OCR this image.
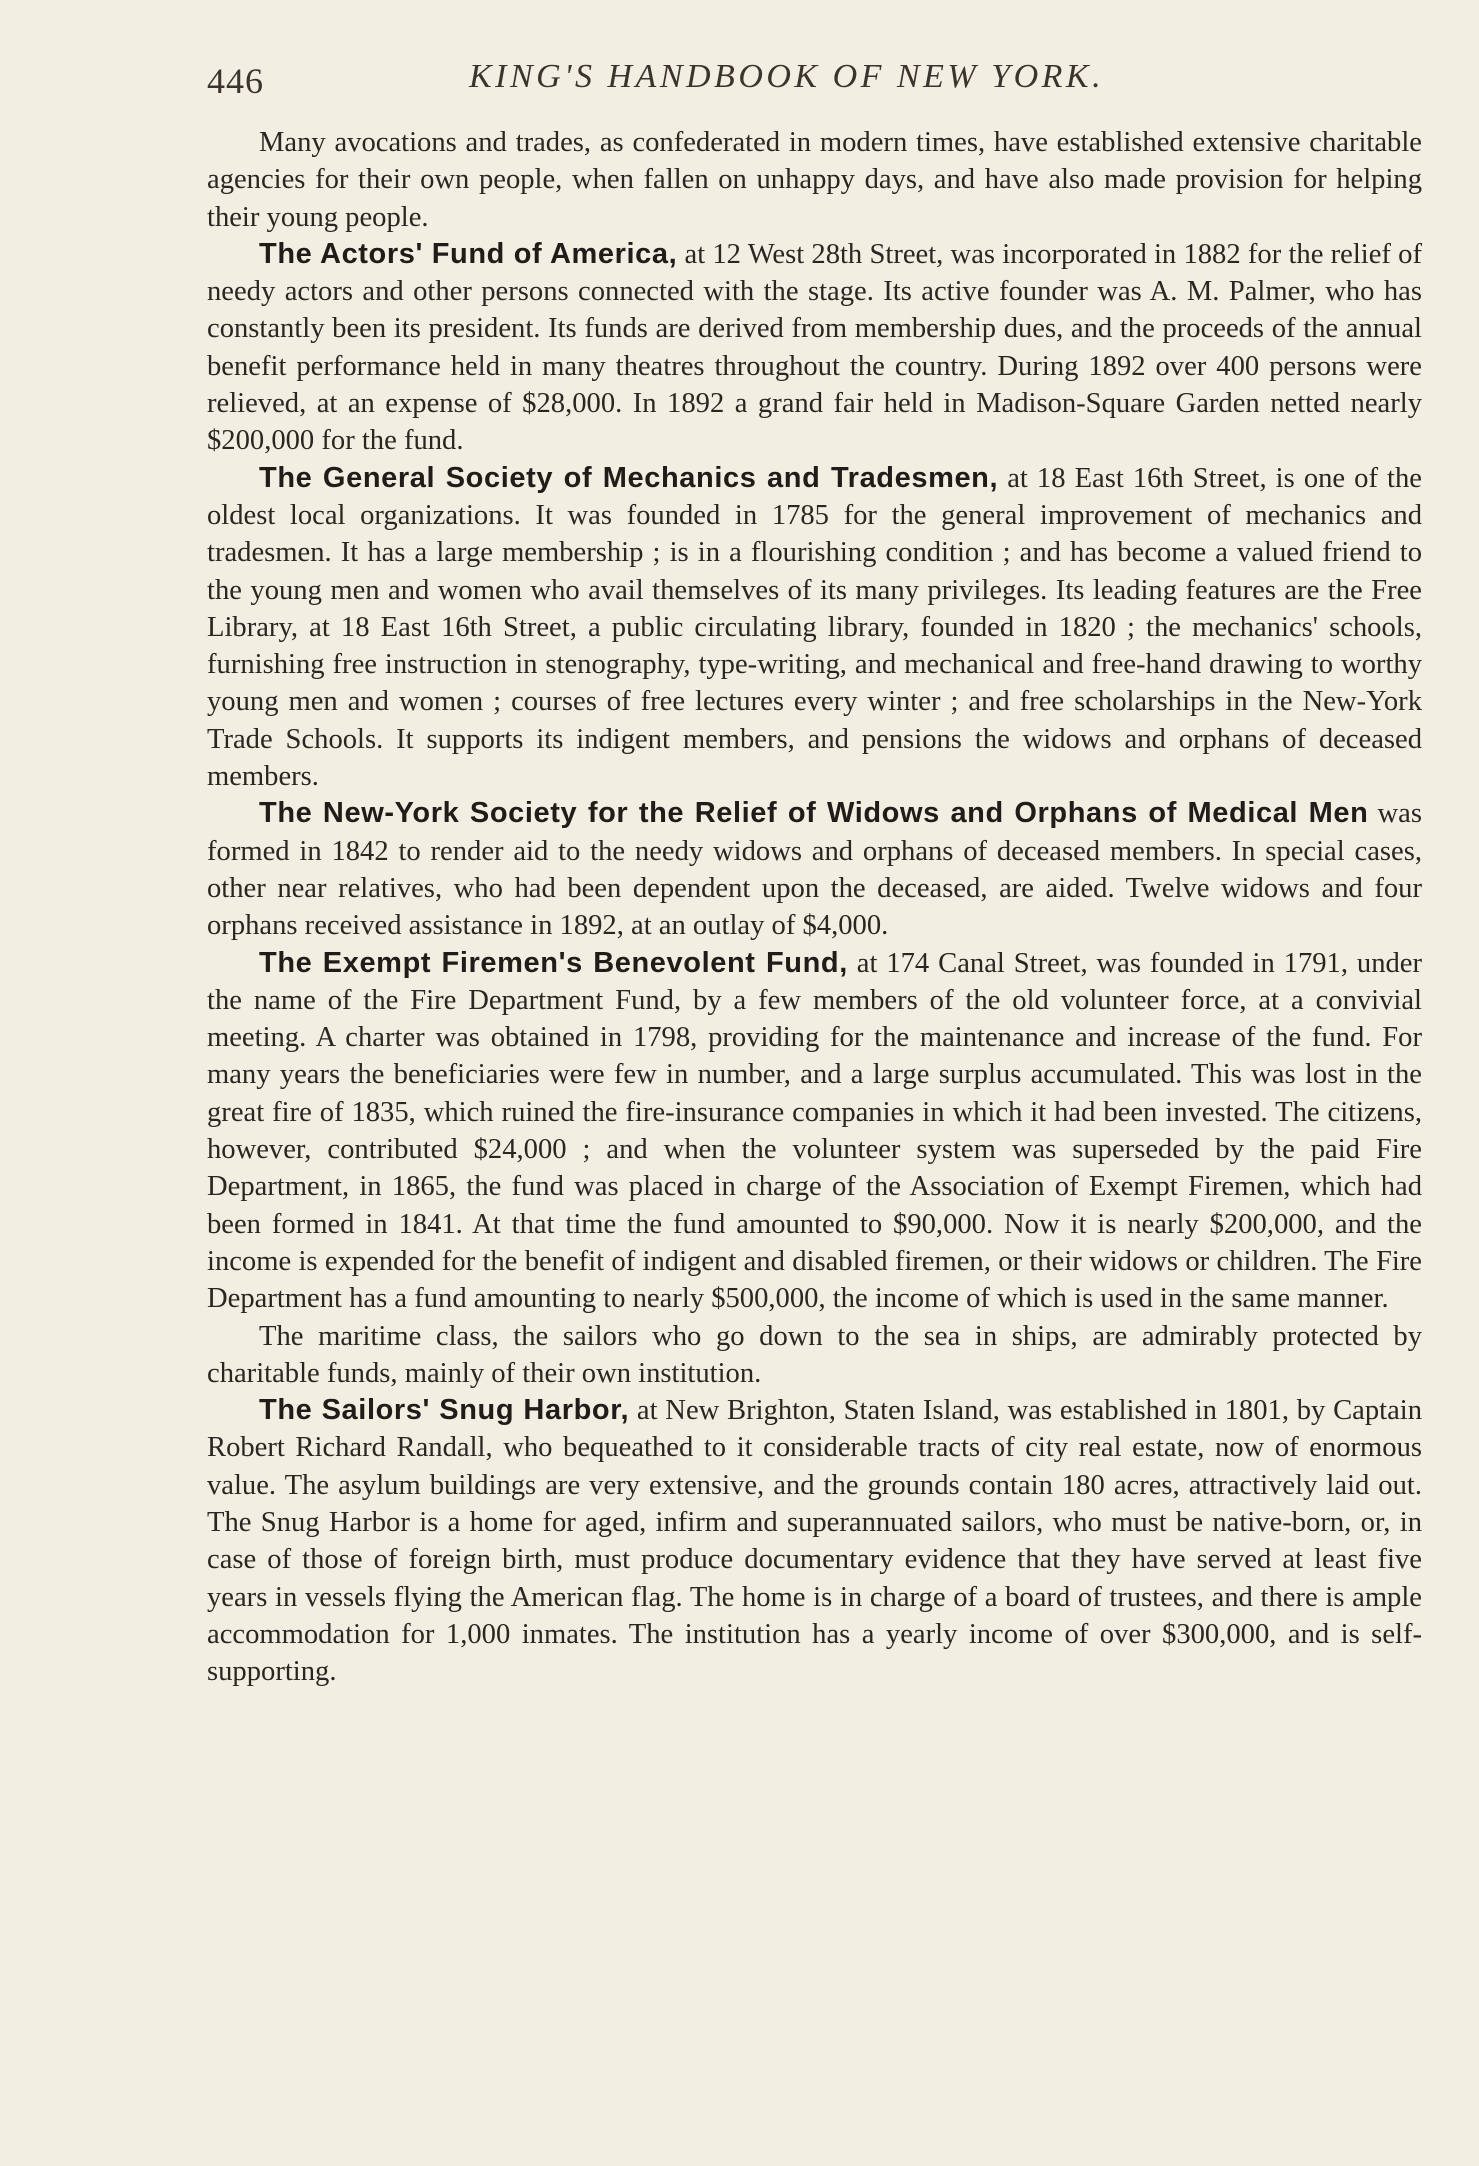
446	KING'S HANDBOOK OF NEW YORK.

Many avocations and trades, as confederated in modern times, have established extensive charitable agencies for their own people, when fallen on unhappy days, and have also made provision for helping their young people.

The Actors' Fund of America, at 12 West 28th Street, was incorporated in 1882 for the relief of needy actors and other persons connected with the stage. Its active founder was A. M. Palmer, who has constantly been its president. Its funds are derived from membership dues, and the proceeds of the annual benefit performance held in many theatres throughout the country. During 1892 over 400 persons were relieved, at an expense of $28,000. In 1892 a grand fair held in Madison-Square Garden netted nearly $200,000 for the fund.

The General Society of Mechanics and Tradesmen, at 18 East 16th Street, is one of the oldest local organizations. It was founded in 1785 for the general improvement of mechanics and tradesmen. It has a large membership ; is in a flourishing condition ; and has become a valued friend to the young men and women who avail themselves of its many privileges. Its leading features are the Free Library, at 18 East 16th Street, a public circulating library, founded in 1820 ; the mechanics' schools, furnishing free instruction in stenography, type-writing, and mechanical and free-hand drawing to worthy young men and women ; courses of free lectures every winter ; and free scholarships in the New-York Trade Schools. It supports its indigent members, and pensions the widows and orphans of deceased members.

The New-York Society for the Relief of Widows and Orphans of Medical Men was formed in 1842 to render aid to the needy widows and orphans of deceased members. In special cases, other near relatives, who had been dependent upon the deceased, are aided. Twelve widows and four orphans received assistance in 1892, at an outlay of $4,000.

The Exempt Firemen's Benevolent Fund, at 174 Canal Street, was founded in 1791, under the name of the Fire Department Fund, by a few members of the old volunteer force, at a convivial meeting. A charter was obtained in 1798, providing for the maintenance and increase of the fund. For many years the beneficiaries were few in number, and a large surplus accumulated. This was lost in the great fire of 1835, which ruined the fire-insurance companies in which it had been invested. The citizens, however, contributed $24,000 ; and when the volunteer system was superseded by the paid Fire Department, in 1865, the fund was placed in charge of the Association of Exempt Firemen, which had been formed in 1841. At that time the fund amounted to $90,000. Now it is nearly $200,000, and the income is expended for the benefit of indigent and disabled firemen, or their widows or children. The Fire Department has a fund amounting to nearly $500,000, the income of which is used in the same manner.

The maritime class, the sailors who go down to the sea in ships, are admirably protected by charitable funds, mainly of their own institution.

The Sailors' Snug Harbor, at New Brighton, Staten Island, was established in 1801, by Captain Robert Richard Randall, who bequeathed to it considerable tracts of city real estate, now of enormous value. The asylum buildings are very extensive, and the grounds contain 180 acres, attractively laid out. The Snug Harbor is a home for aged, infirm and superannuated sailors, who must be native-born, or, in case of those of foreign birth, must produce documentary evidence that they have served at least five years in vessels flying the American flag. The home is in charge of a board of trustees, and there is ample accommodation for 1,000 inmates. The institution has a yearly income of over $300,000, and is self-supporting.
